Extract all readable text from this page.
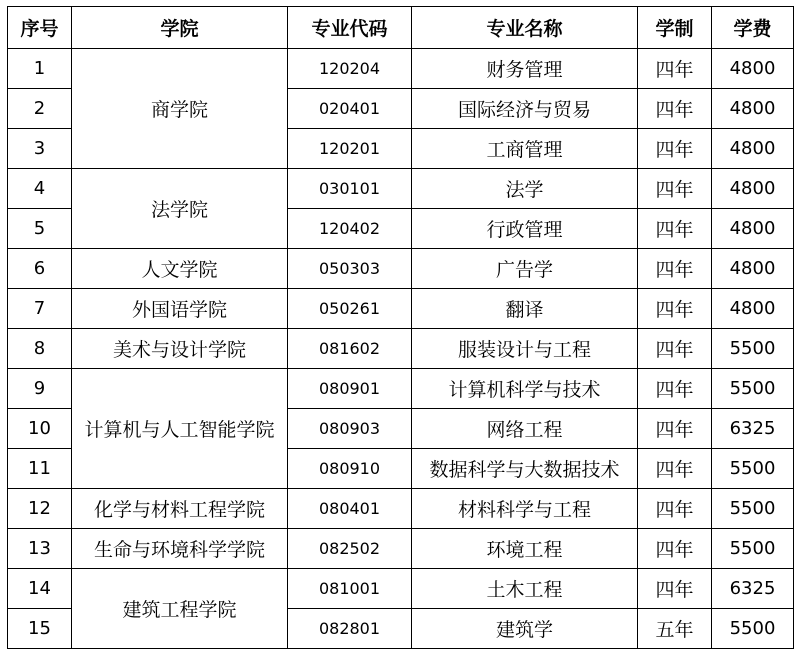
序号	学院	专业代码	专业名称	学制	学费
1	商学院	120204	财务管理	四年	4800
2		020401	国际经济与贸易	四年	4800
3		120201	工商管理	四年	4800
4	法学院	030101	法学	四年	4800
5		120402	行政管理	四年	4800
6	人文学院	050303	广告学	四年	4800
7	外国语学院	050261	翻译	四年	4800
8	美术与设计学院	081602	服装设计与工程	四年	5500
9	计算机与人工智能学院	080901	计算机科学与技术	四年	5500
10		080903	网络工程	四年	6325
11		080910	数据科学与大数据技术	四年	5500
12	化学与材料工程学院	080401	材料科学与工程	四年	5500
13	生命与环境科学学院	082502	环境工程	四年	5500
14	建筑工程学院	081001	土木工程	四年	6325
15		082801	建筑学	五年	5500
